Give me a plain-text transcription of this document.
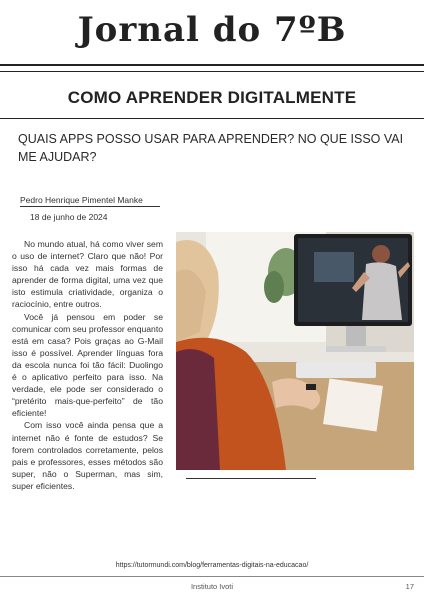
Jornal do 7ºB
COMO APRENDER DIGITALMENTE
QUAIS APPS POSSO USAR PARA APRENDER? NO QUE ISSO VAI ME AJUDAR?
Pedro Henrique Pimentel Manke
18 de junho de 2024

No mundo atual, há como viver sem o uso de internet? Claro que não! Por isso há cada vez mais formas de aprender de forma digital, uma vez que isto estimula criatividade, organiza o raciocínio, entre outros.

Você já pensou em poder se comunicar com seu professor enquanto está em casa? Pois graças ao G-Mail isso é possível. Aprender línguas fora da escola nunca foi tão fácil: Duolingo é o aplicativo perfeito para isso. Na verdade, ele pode ser considerado o “pretérito mais-que-perfeito” de tão eficiente!

Com isso você ainda pensa que a internet não é fonte de estudos? Se forem controlados corretamente, pelos pais e professores, esses métodos são super, não o Superman, mas sim, super eficientes.

https://tutormundi.com/blog/ferramentas-digitais-na-educacao/
Instituto Ivoti	17
